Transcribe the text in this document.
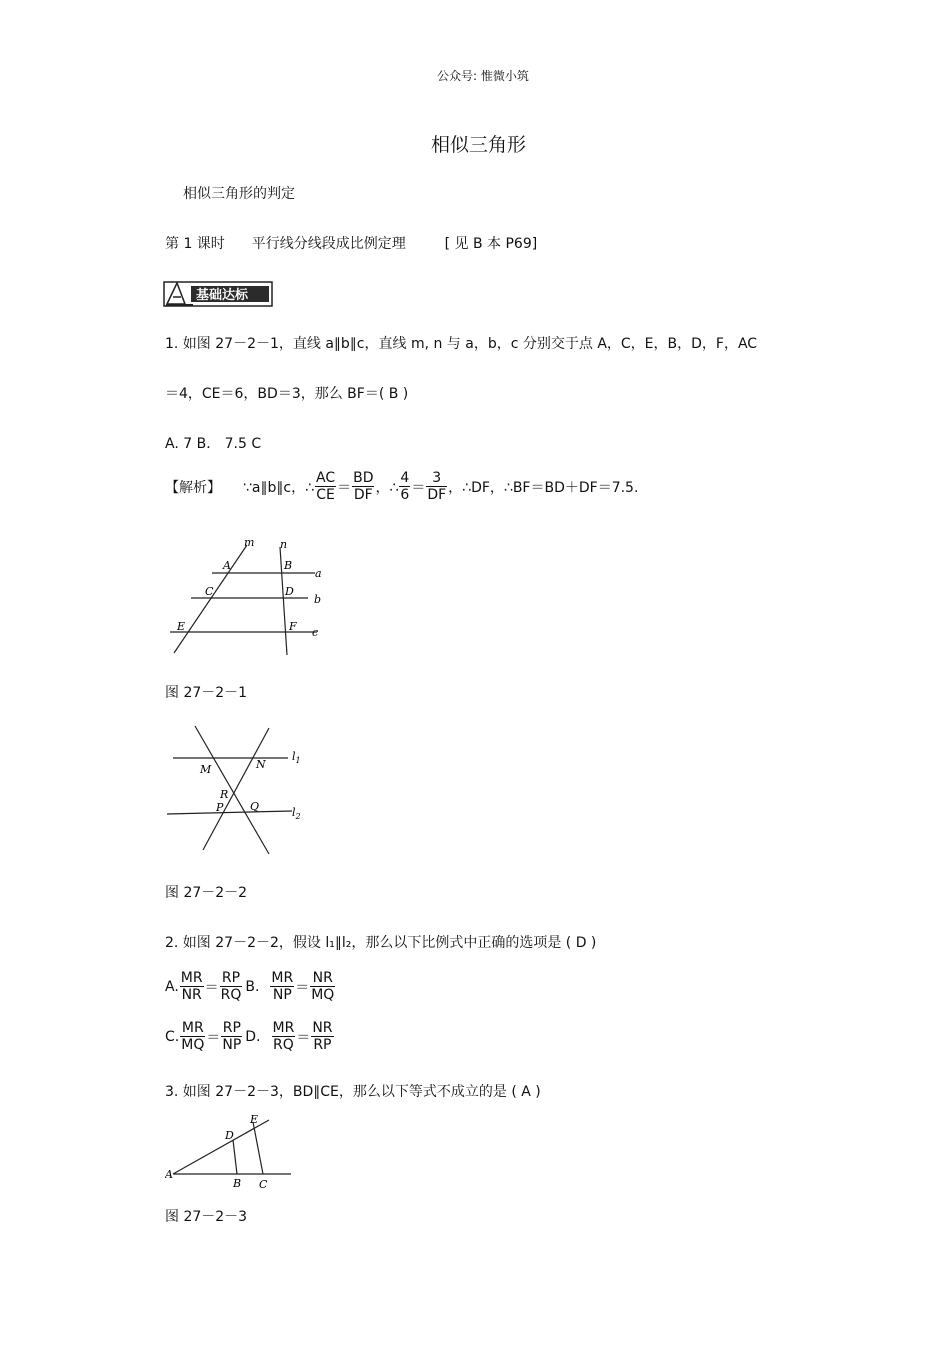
公众号: 惟微小筑
相似三角形
相似三角形的判定
第 1 课时 平行线分线段成比例定理	[ 见 B 本 P69]
基础达标
1. 如图 27－2－1，直线 a∥b∥c，直线 m, n 与 a，b，c 分别交于点 A，C，E，B，D，F，AC
＝4，CE＝6，BD＝3，那么 BF＝( B )
A. 7 B． 7.5 C
【解析】 ∵a∥b∥c，∴ $\frac{AC}{CE} = \frac{BD}{DF}$ ，∴ $\frac{4}{6} = \frac{3}{DF}$ ，∴DF，∴BF＝BD＋DF＝7.5.
m n
A	B
a
C	D
b
E	F c
图 27－2－1
M	N
R
P Q
$l_1$
$l_2$
图 27－2－2
2. 如图 27－2－2，假设 l₁∥l₂，那么以下比例式中正确的选项是 ( D )
A. $\frac{MR}{NR} = \frac{RP}{RQ} B$. $\frac{MR}{NP} = \frac{NR}{MQ}$
C. $\frac{MR}{MQ} = \frac{RP}{NP} D$. $\frac{MR}{RQ} = \frac{NR}{RP}$
3. 如图 27－2－3，BD∥CE，那么以下等式不成立的是 ( A )
A
B C
D
E
图 27－2－3
